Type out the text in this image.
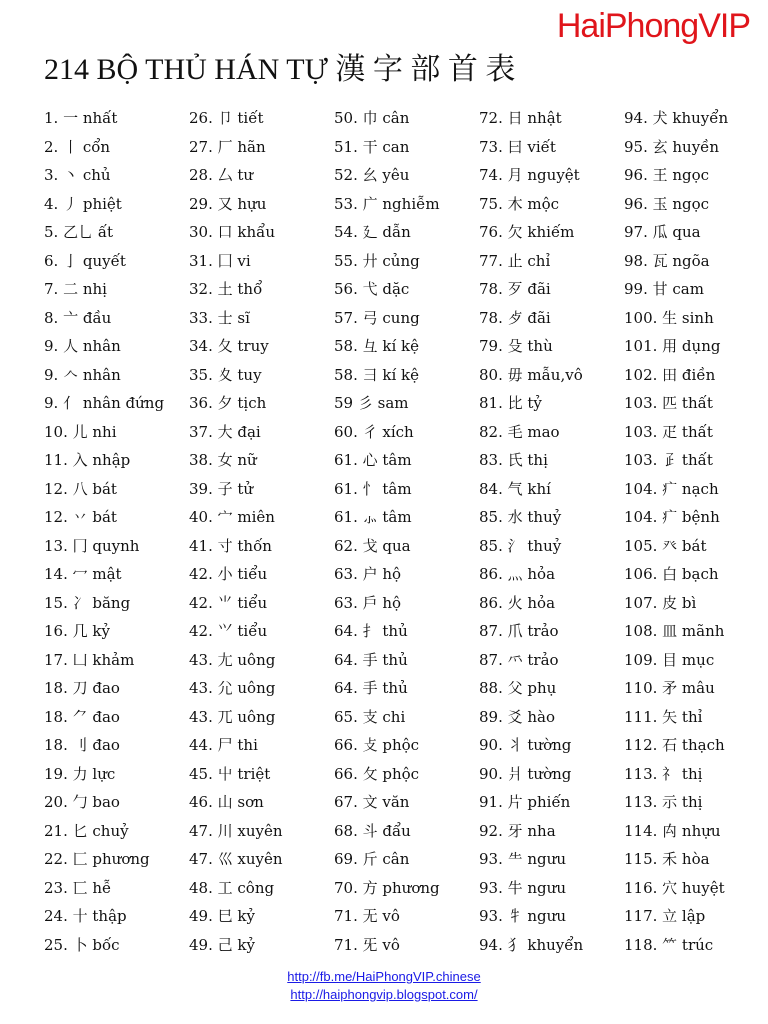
HaiPhongVIP
214 BỘ THỦ HÁN TỰ 漢 字 部 首 表
1. 一 nhất
2. 丨 cổn
3. 丶 chủ
4. 丿 phiệt
5. 乙乚 ất
6. 亅 quyết
7. 二 nhị
8. 亠 đầu
9. 人 nhân
9. 𠆢 nhân
9. 亻 nhân đứng
10. 儿 nhi
11. 入 nhập
12. 八 bát
12. 丷 bát
13. 冂 quynh
14. 冖 mật
15. 冫 băng
16. 几 kỷ
17. 凵 khảm
18. 刀 đao
18. ⺈ đao
18. 刂 đao
19. 力 lực
20. 勹 bao
21. 匕 chuỷ
22. 匚 phương
23. 匸 hễ
24. 十 thập
25. 卜 bốc
26. 卩 tiết
27. 厂 hãn
28. 厶 tư
29. 又 hựu
30. 口 khẩu
31. 囗 vi
32. 土 thổ
33. 士 sĩ
34. 夂 truy
35. 夊 tuy
36. 夕 tịch
37. 大 đại
38. 女 nữ
39. 子 tử
40. 宀 miên
41. 寸 thốn
42. 小 tiểu
42. ⺌ tiểu
42. ⺍ tiểu
43. 尢 uông
43. 尣 uông
43. 兀 uông
44. 尸 thi
45. 屮 triệt
46. 山 sơn
47. 川 xuyên
47. 巛 xuyên
48. 工 công
49. 巳 kỷ
49. 己 kỷ
50. 巾 cân
51. 干 can
52. 幺 yêu
53. 广 nghiễm
54. 廴 dẫn
55. 廾 củng
56. 弋 dặc
57. 弓 cung
58. 彑 kí kệ
58. 彐 kí kệ
59 彡 sam
60. 彳 xích
61. 心 tâm
61. 忄 tâm
61. ⺗ tâm
62. 戈 qua
63. 户 hộ
63. 戶 hộ
64. 扌 thủ
64. 手 thủ
64. 手 thủ
65. 支 chi
66. 攴 phộc
66. 攵 phộc
67. 文 văn
68. 斗 đẩu
69. 斤 cân
70. 方 phương
71. 无 vô
71. 旡 vô
72. 日 nhật
73. 曰 viết
74. 月 nguyệt
75. 木 mộc
76. 欠 khiếm
77. 止 chỉ
78. 歹 đãi
78. 歺 đãi
79. 殳 thù
80. 毋 mẫu,vô
81. 比 tỷ
82. 毛 mao
83. 氏 thị
84. 气 khí
85. 水 thuỷ
85. 氵 thuỷ
86. 灬 hỏa
86. 火 hỏa
87. 爪 trảo
87. ⺤ trảo
88. 父 phụ
89. 爻 hào
90. 丬 tường
90. 爿 tường
91. 片 phiến
92. 牙 nha
93. ⺧ ngưu
93. 牛 ngưu
93. 牜 ngưu
94. 犭 khuyển
94. 犬 khuyển
95. 玄 huyền
96. 王 ngọc
96. 玉 ngọc
97. 瓜 qua
98. 瓦 ngõa
99. 甘 cam
100. 生 sinh
101. 用 dụng
102. 田 điền
103. 匹 thất
103. 疋 thất
103. 𤴔 thất
104. 疒 nạch
104. 疒 bệnh
105. 癶 bát
106. 白 bạch
107. 皮 bì
108. 皿 mãnh
109. 目 mục
110. 矛 mâu
111. 矢 thỉ
112. 石 thạch
113. 礻 thị
113. 示 thị
114. 禸 nhựu
115. 禾 hòa
116. 穴 huyệt
117. 立 lập
118. ⺮ trúc
http://fb.me/HaiPhongVIP.chinese
http://haiphongvip.blogspot.com/
